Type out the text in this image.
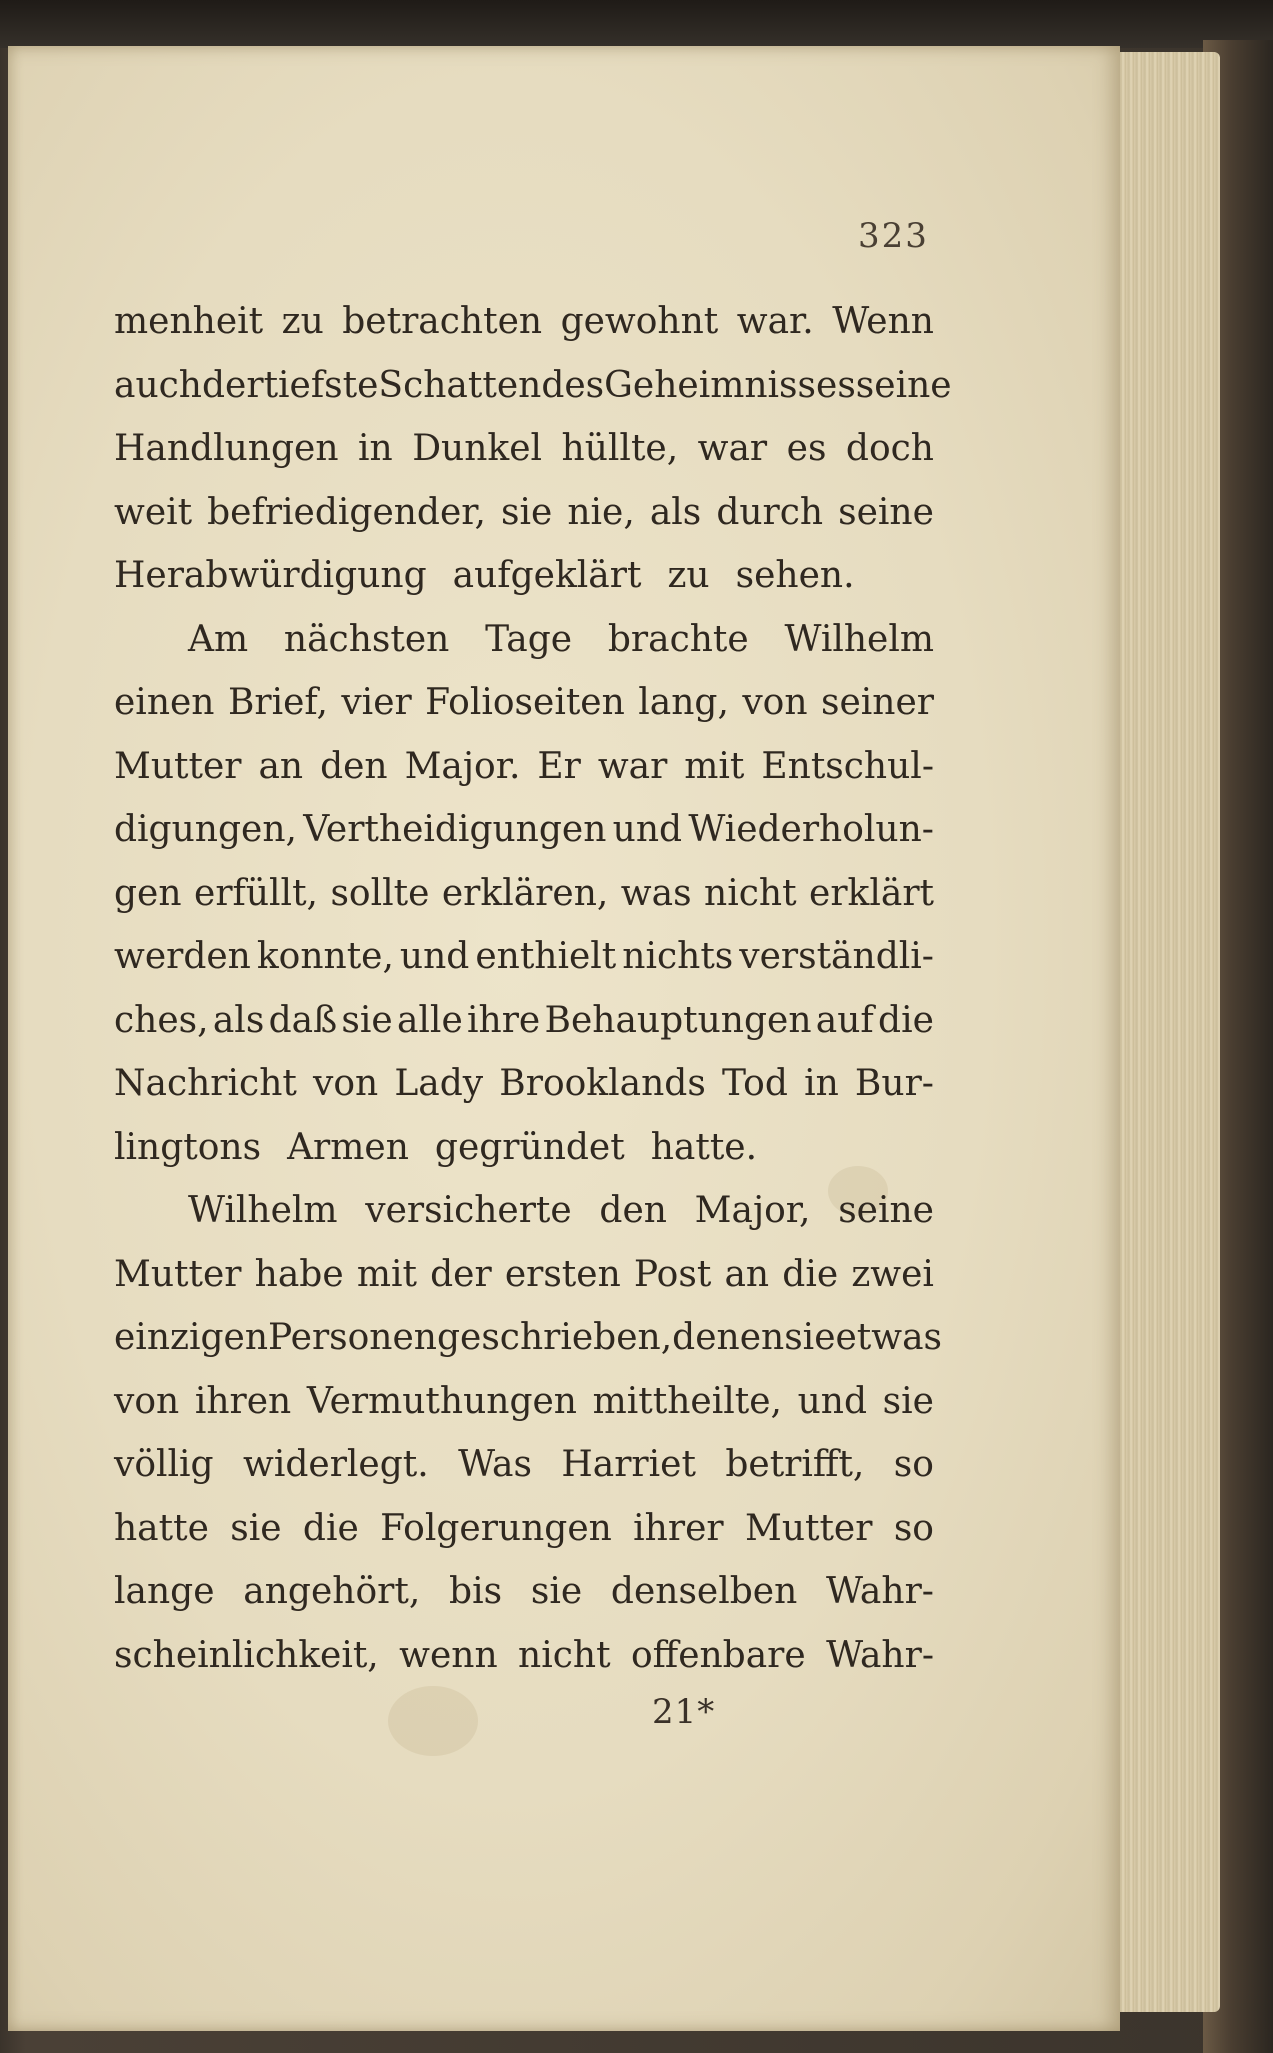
323
menheit zu betrachten gewohnt war. Wenn
auch der tiefste Schatten des Geheimnisses seine
Handlungen in Dunkel hüllte, war es doch
weit befriedigender, sie nie, als durch seine
Herabwürdigung aufgeklärt zu sehen.
Am nächsten Tage brachte Wilhelm
einen Brief, vier Folioseiten lang, von seiner
Mutter an den Major. Er war mit Entschul-
digungen, Vertheidigungen und Wiederholun-
gen erfüllt, sollte erklären, was nicht erklärt
werden konnte, und enthielt nichts verständli-
ches, als daß sie alle ihre Behauptungen auf die
Nachricht von Lady Brooklands Tod in Bur-
lingtons Armen gegründet hatte.
Wilhelm versicherte den Major, seine
Mutter habe mit der ersten Post an die zwei
einzigen Personen geschrieben, denen sie etwas
von ihren Vermuthungen mittheilte, und sie
völlig widerlegt. Was Harriet betrifft, so
hatte sie die Folgerungen ihrer Mutter so
lange angehört, bis sie denselben Wahr-
scheinlichkeit, wenn nicht offenbare Wahr-
21*
